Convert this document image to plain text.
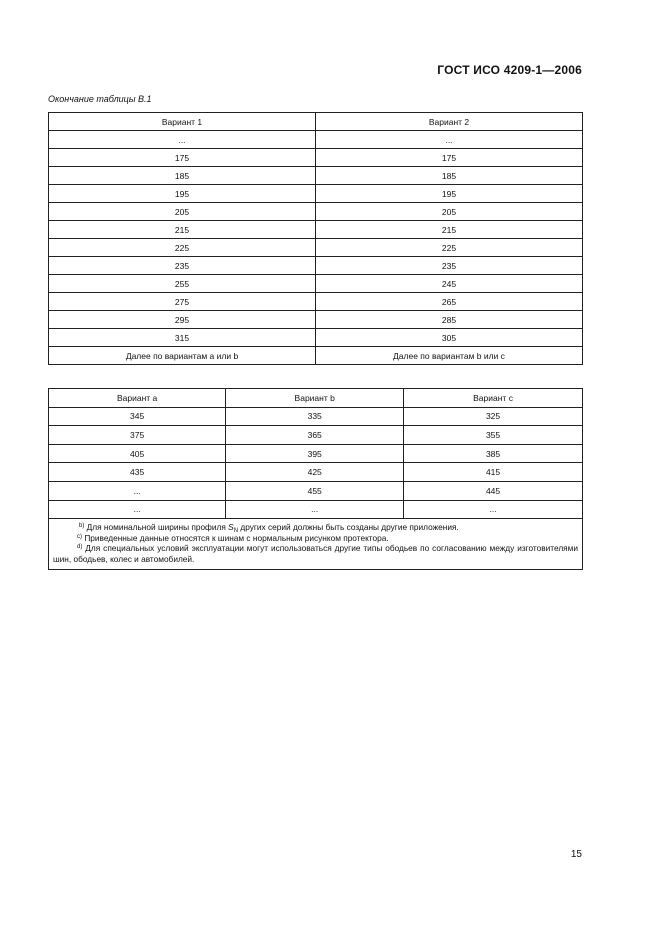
ГОСТ ИСО 4209-1—2006
Окончание таблицы В.1
Вариант 1	Вариант 2
...	...
175	175
185	185
195	195
205	205
215	215
225	225
235	235
255	245
275	265
295	285
315	305
Далее по вариантам а или b	Далее по вариантам b или с
Вариант а	Вариант b	Вариант с
345	335	325
375	365	355
405	395	385
435	425	415
...	455	445
...	...	...

$^{b)}$ Для номинальной ширины профиля $S_N$ других серий должны быть созданы другие приложения.
$^{c)}$ Приведенные данные относятся к шинам с нормальным рисунком протектора.
$^{d)}$ Для специальных условий эксплуатации могут использоваться другие типы ободьев по согласованию между изготовителями шин, ободьев, колес и автомобилей.		
15
